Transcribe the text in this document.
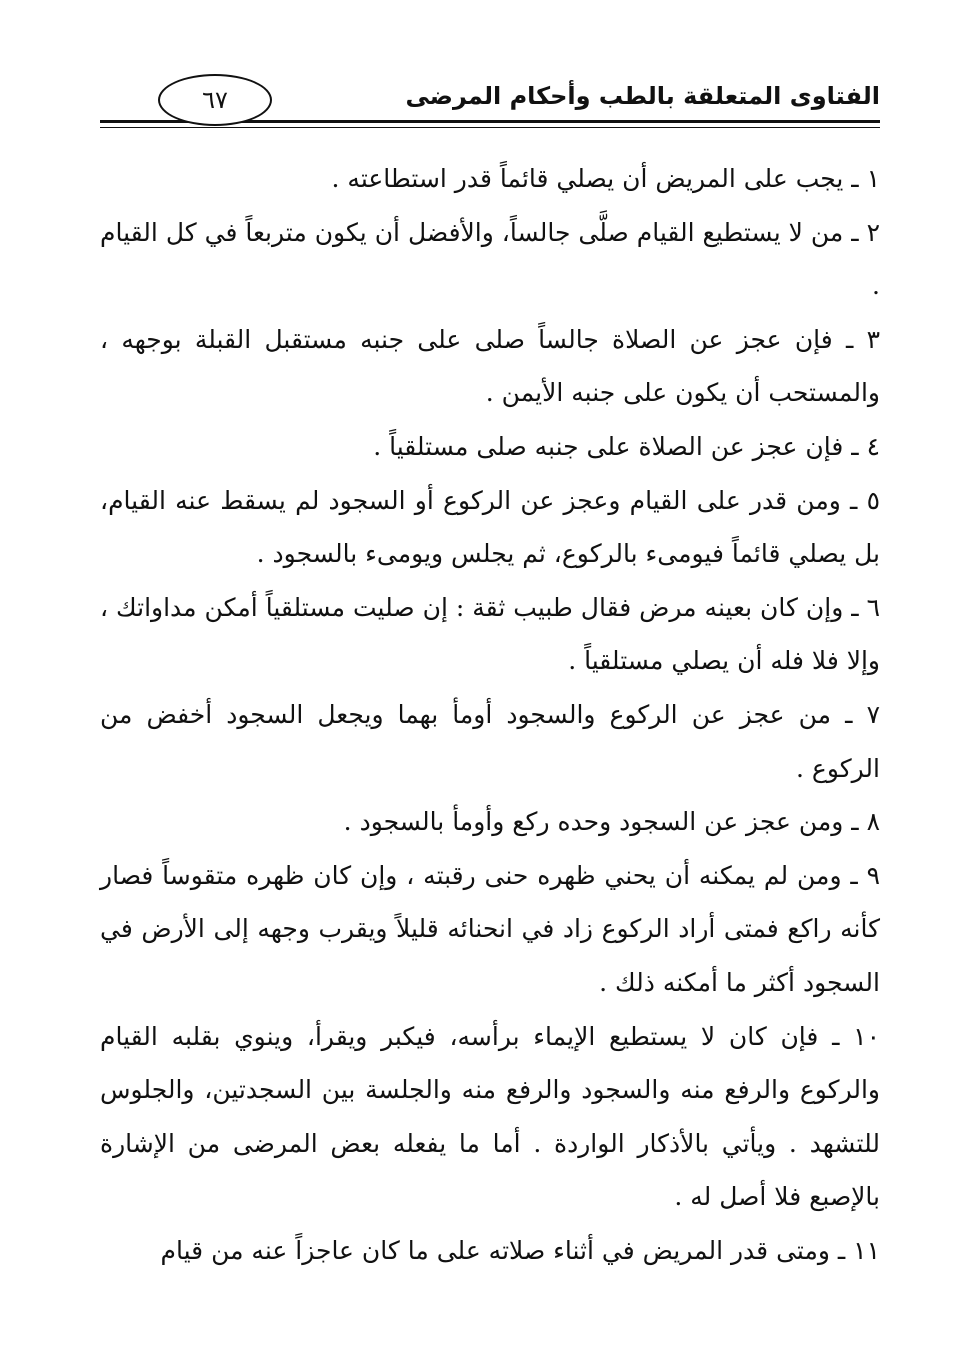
الفتاوى المتعلقة بالطب وأحكام المرضى
٦٧

١ ـ يجب على المريض أن يصلي قائماً قدر استطاعته .

٢ ـ من لا يستطيع القيام صلَّى جالساً، والأفضل أن يكون متربعاً في كل القيام .

٣ ـ فإن عجز عن الصلاة جالساً صلى على جنبه مستقبل القبلة بوجهه ، والمستحب أن يكون على جنبه الأيمن .

٤ ـ فإن عجز عن الصلاة على جنبه صلى مستلقياً .

٥ ـ ومن قدر على القيام وعجز عن الركوع أو السجود لم يسقط عنه القيام، بل يصلي قائماً فيومىء بالركوع، ثم يجلس ويومىء بالسجود .

٦ ـ وإن كان بعينه مرض فقال طبيب ثقة : إن صليت مستلقياً أمكن مداواتك ، وإلا فلا فله أن يصلي مستلقياً .

٧ ـ من عجز عن الركوع والسجود أومأ بهما ويجعل السجود أخفض من الركوع .

٨ ـ ومن عجز عن السجود وحده ركع وأومأ بالسجود .

٩ ـ ومن لم يمكنه أن يحني ظهره حنى رقبته ، وإن كان ظهره متقوساً فصار كأنه راكع فمتى أراد الركوع زاد في انحنائه قليلاً ويقرب وجهه إلى الأرض في السجود أكثر ما أمكنه ذلك .

١٠ ـ فإن كان لا يستطيع الإيماء برأسه، فيكبر ويقرأ، وينوي بقلبه القيام والركوع والرفع منه والسجود والرفع منه والجلسة بين السجدتين، والجلوس للتشهد . ويأتي بالأذكار الواردة . أما ما يفعله بعض المرضى من الإشارة بالإصبع فلا أصل له .

١١ ـ ومتى قدر المريض في أثناء صلاته على ما كان عاجزاً عنه من قيام
